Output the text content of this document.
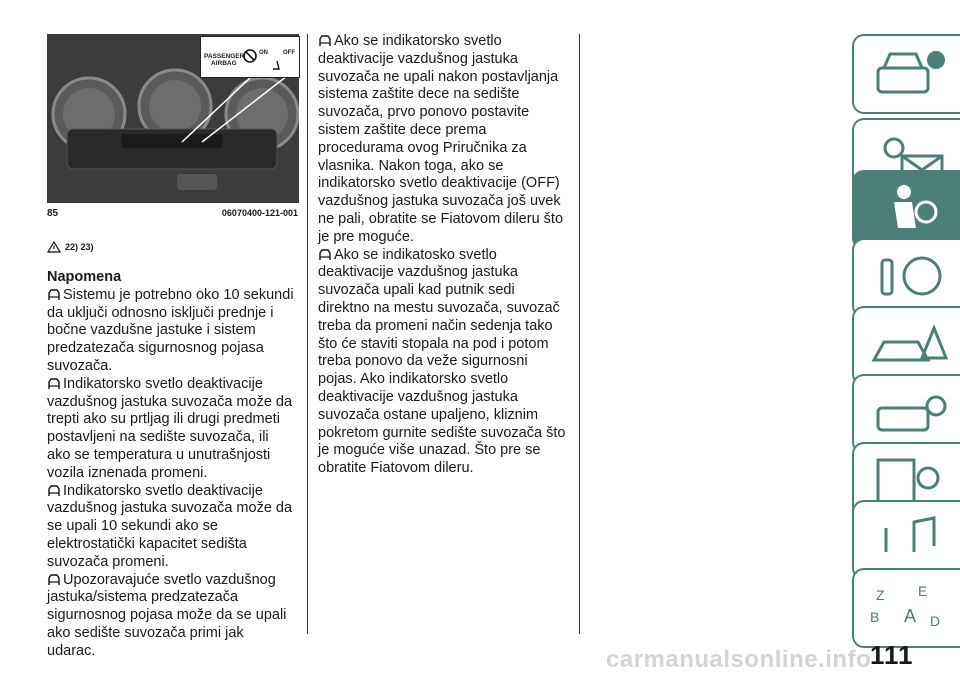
PASSENGER
AIRBAG
ON	OFF
85	06070400-121-001
22) 23)

Napomena

Sistemu je potrebno oko 10 sekundi da uključi odnosno isključi prednje i bočne vazdušne jastuke i sistem predzatezača sigurnosnog pojasa suvozača.

Indikatorsko svetlo deaktivacije vazdušnog jastuka suvozača može da trepti ako su prtljag ili drugi predmeti postavljeni na sedište suvozača, ili ako se temperatura u unutrašnjosti vozila iznenada promeni.

Indikatorsko svetlo deaktivacije vazdušnog jastuka suvozača može da se upali 10 sekundi ako se elektrostatički kapacitet sedišta suvozača promeni.

Upozoravajuće svetlo vazdušnog jastuka/sistema predzatezača sigurnosnog pojasa može da se upali ako sedište suvozača primi jak udarac.

Ako se indikatorsko svetlo deaktivacije vazdušnog jastuka suvozača ne upali nakon postavljanja sistema zaštite dece na sedište suvozača, prvo ponovo postavite sistem zaštite dece prema procedurama ovog Priručnika za vlasnika. Nakon toga, ako se indikatorsko svetlo deaktivacije (OFF) vazdušnog jastuka suvozača još uvek ne pali, obratite se Fiatovom dileru što je pre moguće.

Ako se indikatosko svetlo deaktivacije vazdušnog jastuka suvozača upali kad putnik sedi direktno na mestu suvozača, suvozač treba da promeni način sedenja tako što će staviti stopala na pod i potom treba ponovo da veže sigurnosni pojas. Ako indikatorsko svetlo deaktivacije vazdušnog jastuka suvozača ostane upaljeno, kliznim pokretom gurnite sedište suvozača što je moguće više unazad. Što pre se obratite Fiatovom dileru.

Z E
B A D
carmanualsonline.info
111
